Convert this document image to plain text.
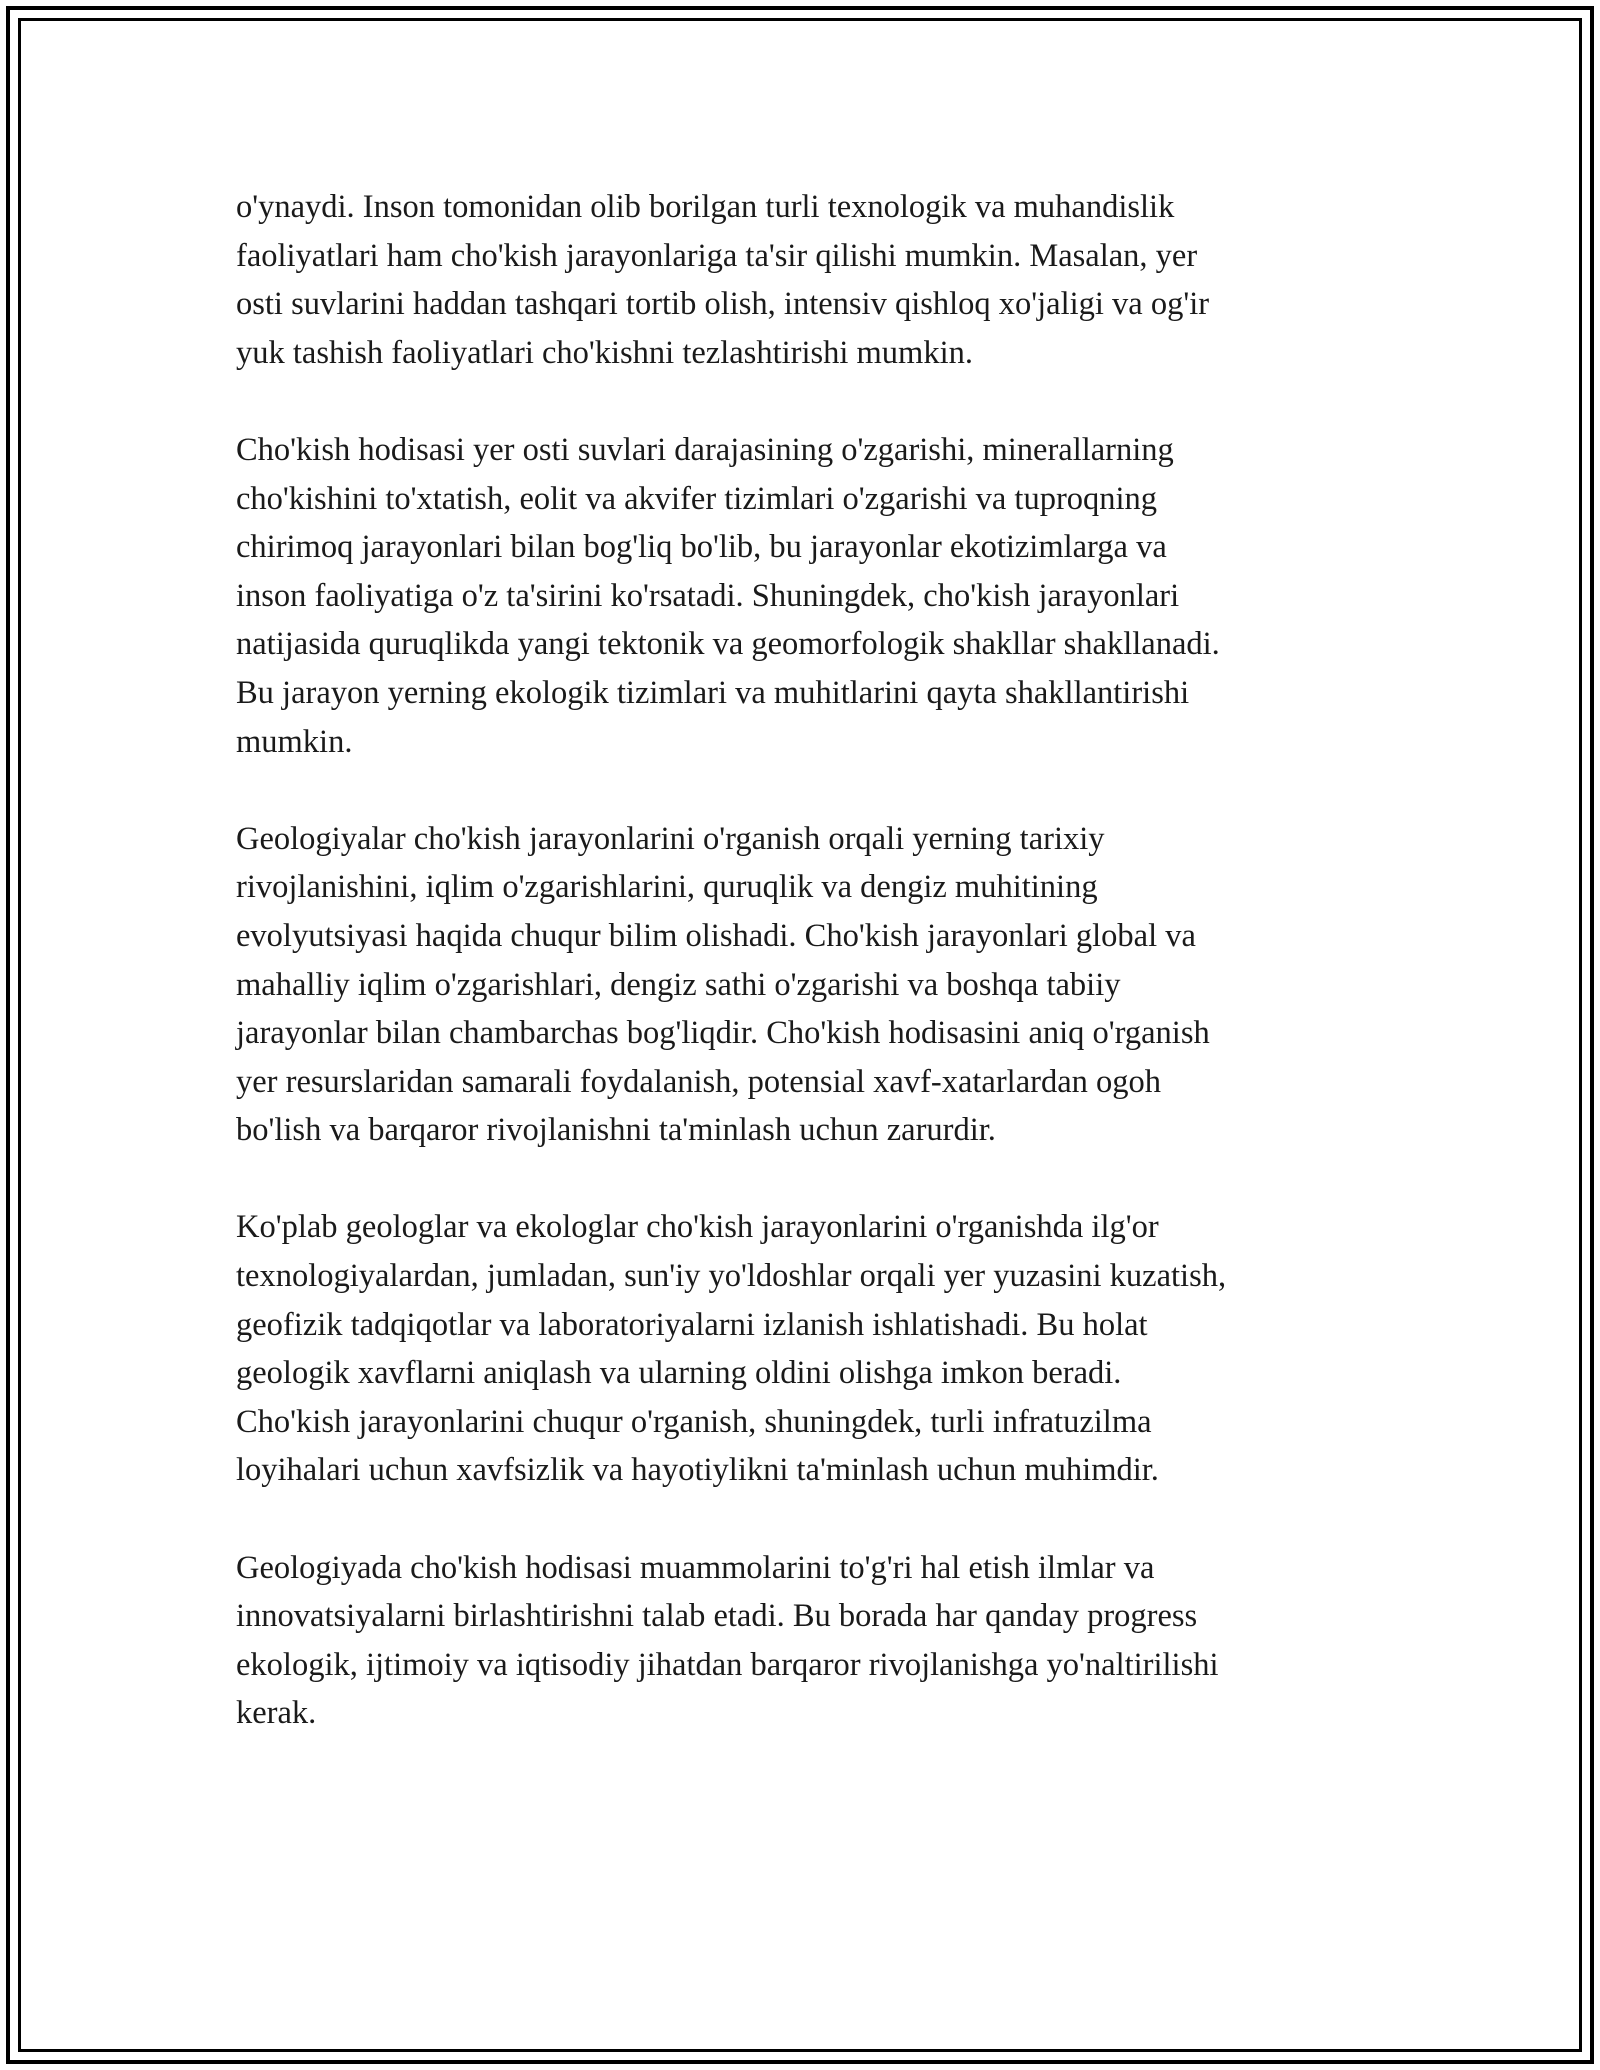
o'ynaydi. Inson tomonidan olib borilgan turli texnologik va muhandislik
faoliyatlari ham cho'kish jarayonlariga ta'sir qilishi mumkin. Masalan, yer
osti suvlarini haddan tashqari tortib olish, intensiv qishloq xo'jaligi va og'ir
yuk tashish faoliyatlari cho'kishni tezlashtirishi mumkin.

Cho'kish hodisasi yer osti suvlari darajasining o'zgarishi, minerallarning
cho'kishini to'xtatish, eolit va akvifer tizimlari o'zgarishi va tuproqning
chirimoq jarayonlari bilan bog'liq bo'lib, bu jarayonlar ekotizimlarga va
inson faoliyatiga o'z ta'sirini ko'rsatadi. Shuningdek, cho'kish jarayonlari
natijasida quruqlikda yangi tektonik va geomorfologik shakllar shakllanadi.
Bu jarayon yerning ekologik tizimlari va muhitlarini qayta shakllantirishi
mumkin.

Geologiyalar cho'kish jarayonlarini o'rganish orqali yerning tarixiy
rivojlanishini, iqlim o'zgarishlarini, quruqlik va dengiz muhitining
evolyutsiyasi haqida chuqur bilim olishadi. Cho'kish jarayonlari global va
mahalliy iqlim o'zgarishlari, dengiz sathi o'zgarishi va boshqa tabiiy
jarayonlar bilan chambarchas bog'liqdir. Cho'kish hodisasini aniq o'rganish
yer resurslaridan samarali foydalanish, potensial xavf-xatarlardan ogoh
bo'lish va barqaror rivojlanishni ta'minlash uchun zarurdir.

Ko'plab geologlar va ekologlar cho'kish jarayonlarini o'rganishda ilg'or
texnologiyalardan, jumladan, sun'iy yo'ldoshlar orqali yer yuzasini kuzatish,
geofizik tadqiqotlar va laboratoriyalarni izlanish ishlatishadi. Bu holat
geologik xavflarni aniqlash va ularning oldini olishga imkon beradi.
Cho'kish jarayonlarini chuqur o'rganish, shuningdek, turli infratuzilma
loyihalari uchun xavfsizlik va hayotiylikni ta'minlash uchun muhimdir.

Geologiyada cho'kish hodisasi muammolarini to'g'ri hal etish ilmlar va
innovatsiyalarni birlashtirishni talab etadi. Bu borada har qanday progress
ekologik, ijtimoiy va iqtisodiy jihatdan barqaror rivojlanishga yo'naltirilishi
kerak.
